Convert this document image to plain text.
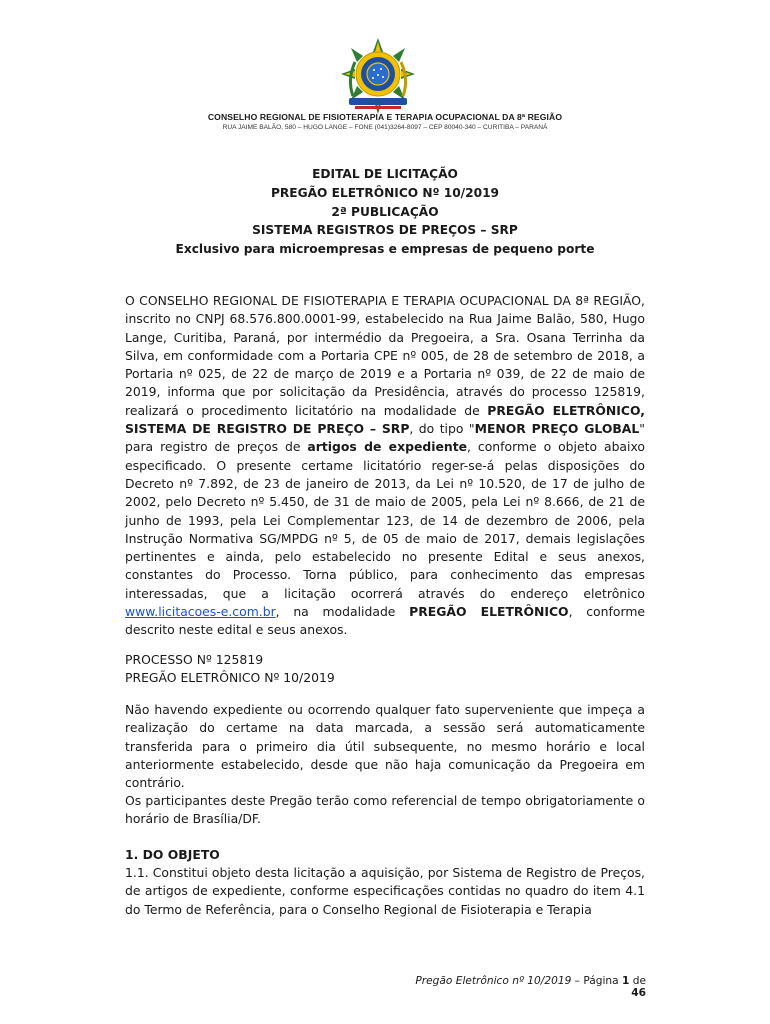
CONSELHO REGIONAL DE FISIOTERAPIA E TERAPIA OCUPACIONAL DA 8ª REGIÃO
RUA JAIME BALÃO, 580 – HUGO LANGE – FONE (041)3264-8097 – CEP 80040-340 – CURITIBA – PARANÁ
EDITAL DE LICITAÇÃO
PREGÃO ELETRÔNICO Nº 10/2019
2ª PUBLICAÇÃO
SISTEMA REGISTROS DE PREÇOS – SRP
Exclusivo para microempresas e empresas de pequeno porte
O CONSELHO REGIONAL DE FISIOTERAPIA E TERAPIA OCUPACIONAL DA 8ª REGIÃO, inscrito no CNPJ 68.576.800.0001-99, estabelecido na Rua Jaime Balão, 580, Hugo Lange, Curitiba, Paraná, por intermédio da Pregoeira, a Sra. Osana Terrinha da Silva, em conformidade com a Portaria CPE nº 005, de 28 de setembro de 2018, a Portaria nº 025, de 22 de março de 2019 e a Portaria nº 039, de 22 de maio de 2019, informa que por solicitação da Presidência, através do processo 125819, realizará o procedimento licitatório na modalidade de PREGÃO ELETRÔNICO, SISTEMA DE REGISTRO DE PREÇO – SRP, do tipo "MENOR PREÇO GLOBAL" para registro de preços de artigos de expediente, conforme o objeto abaixo especificado. O presente certame licitatório reger-se-á pelas disposições do Decreto nº 7.892, de 23 de janeiro de 2013, da Lei nº 10.520, de 17 de julho de 2002, pelo Decreto nº 5.450, de 31 de maio de 2005, pela Lei nº 8.666, de 21 de junho de 1993, pela Lei Complementar 123, de 14 de dezembro de 2006, pela Instrução Normativa SG/MPDG nº 5, de 05 de maio de 2017, demais legislações pertinentes e ainda, pelo estabelecido no presente Edital e seus anexos, constantes do Processo. Torna público, para conhecimento das empresas interessadas, que a licitação ocorrerá através do endereço eletrônico www.licitacoes-e.com.br, na modalidade PREGÃO ELETRÔNICO, conforme descrito neste edital e seus anexos.
PROCESSO Nº 125819
PREGÃO ELETRÔNICO Nº 10/2019
Não havendo expediente ou ocorrendo qualquer fato superveniente que impeça a realização do certame na data marcada, a sessão será automaticamente transferida para o primeiro dia útil subsequente, no mesmo horário e local anteriormente estabelecido, desde que não haja comunicação da Pregoeira em contrário.
Os participantes deste Pregão terão como referencial de tempo obrigatoriamente o horário de Brasília/DF.
1. DO OBJETO
1.1. Constitui objeto desta licitação a aquisição, por Sistema de Registro de Preços, de artigos de expediente, conforme especificações contidas no quadro do item 4.1 do Termo de Referência, para o Conselho Regional de Fisioterapia e Terapia
Pregão Eletrônico nº 10/2019 – Página 1 de 46
